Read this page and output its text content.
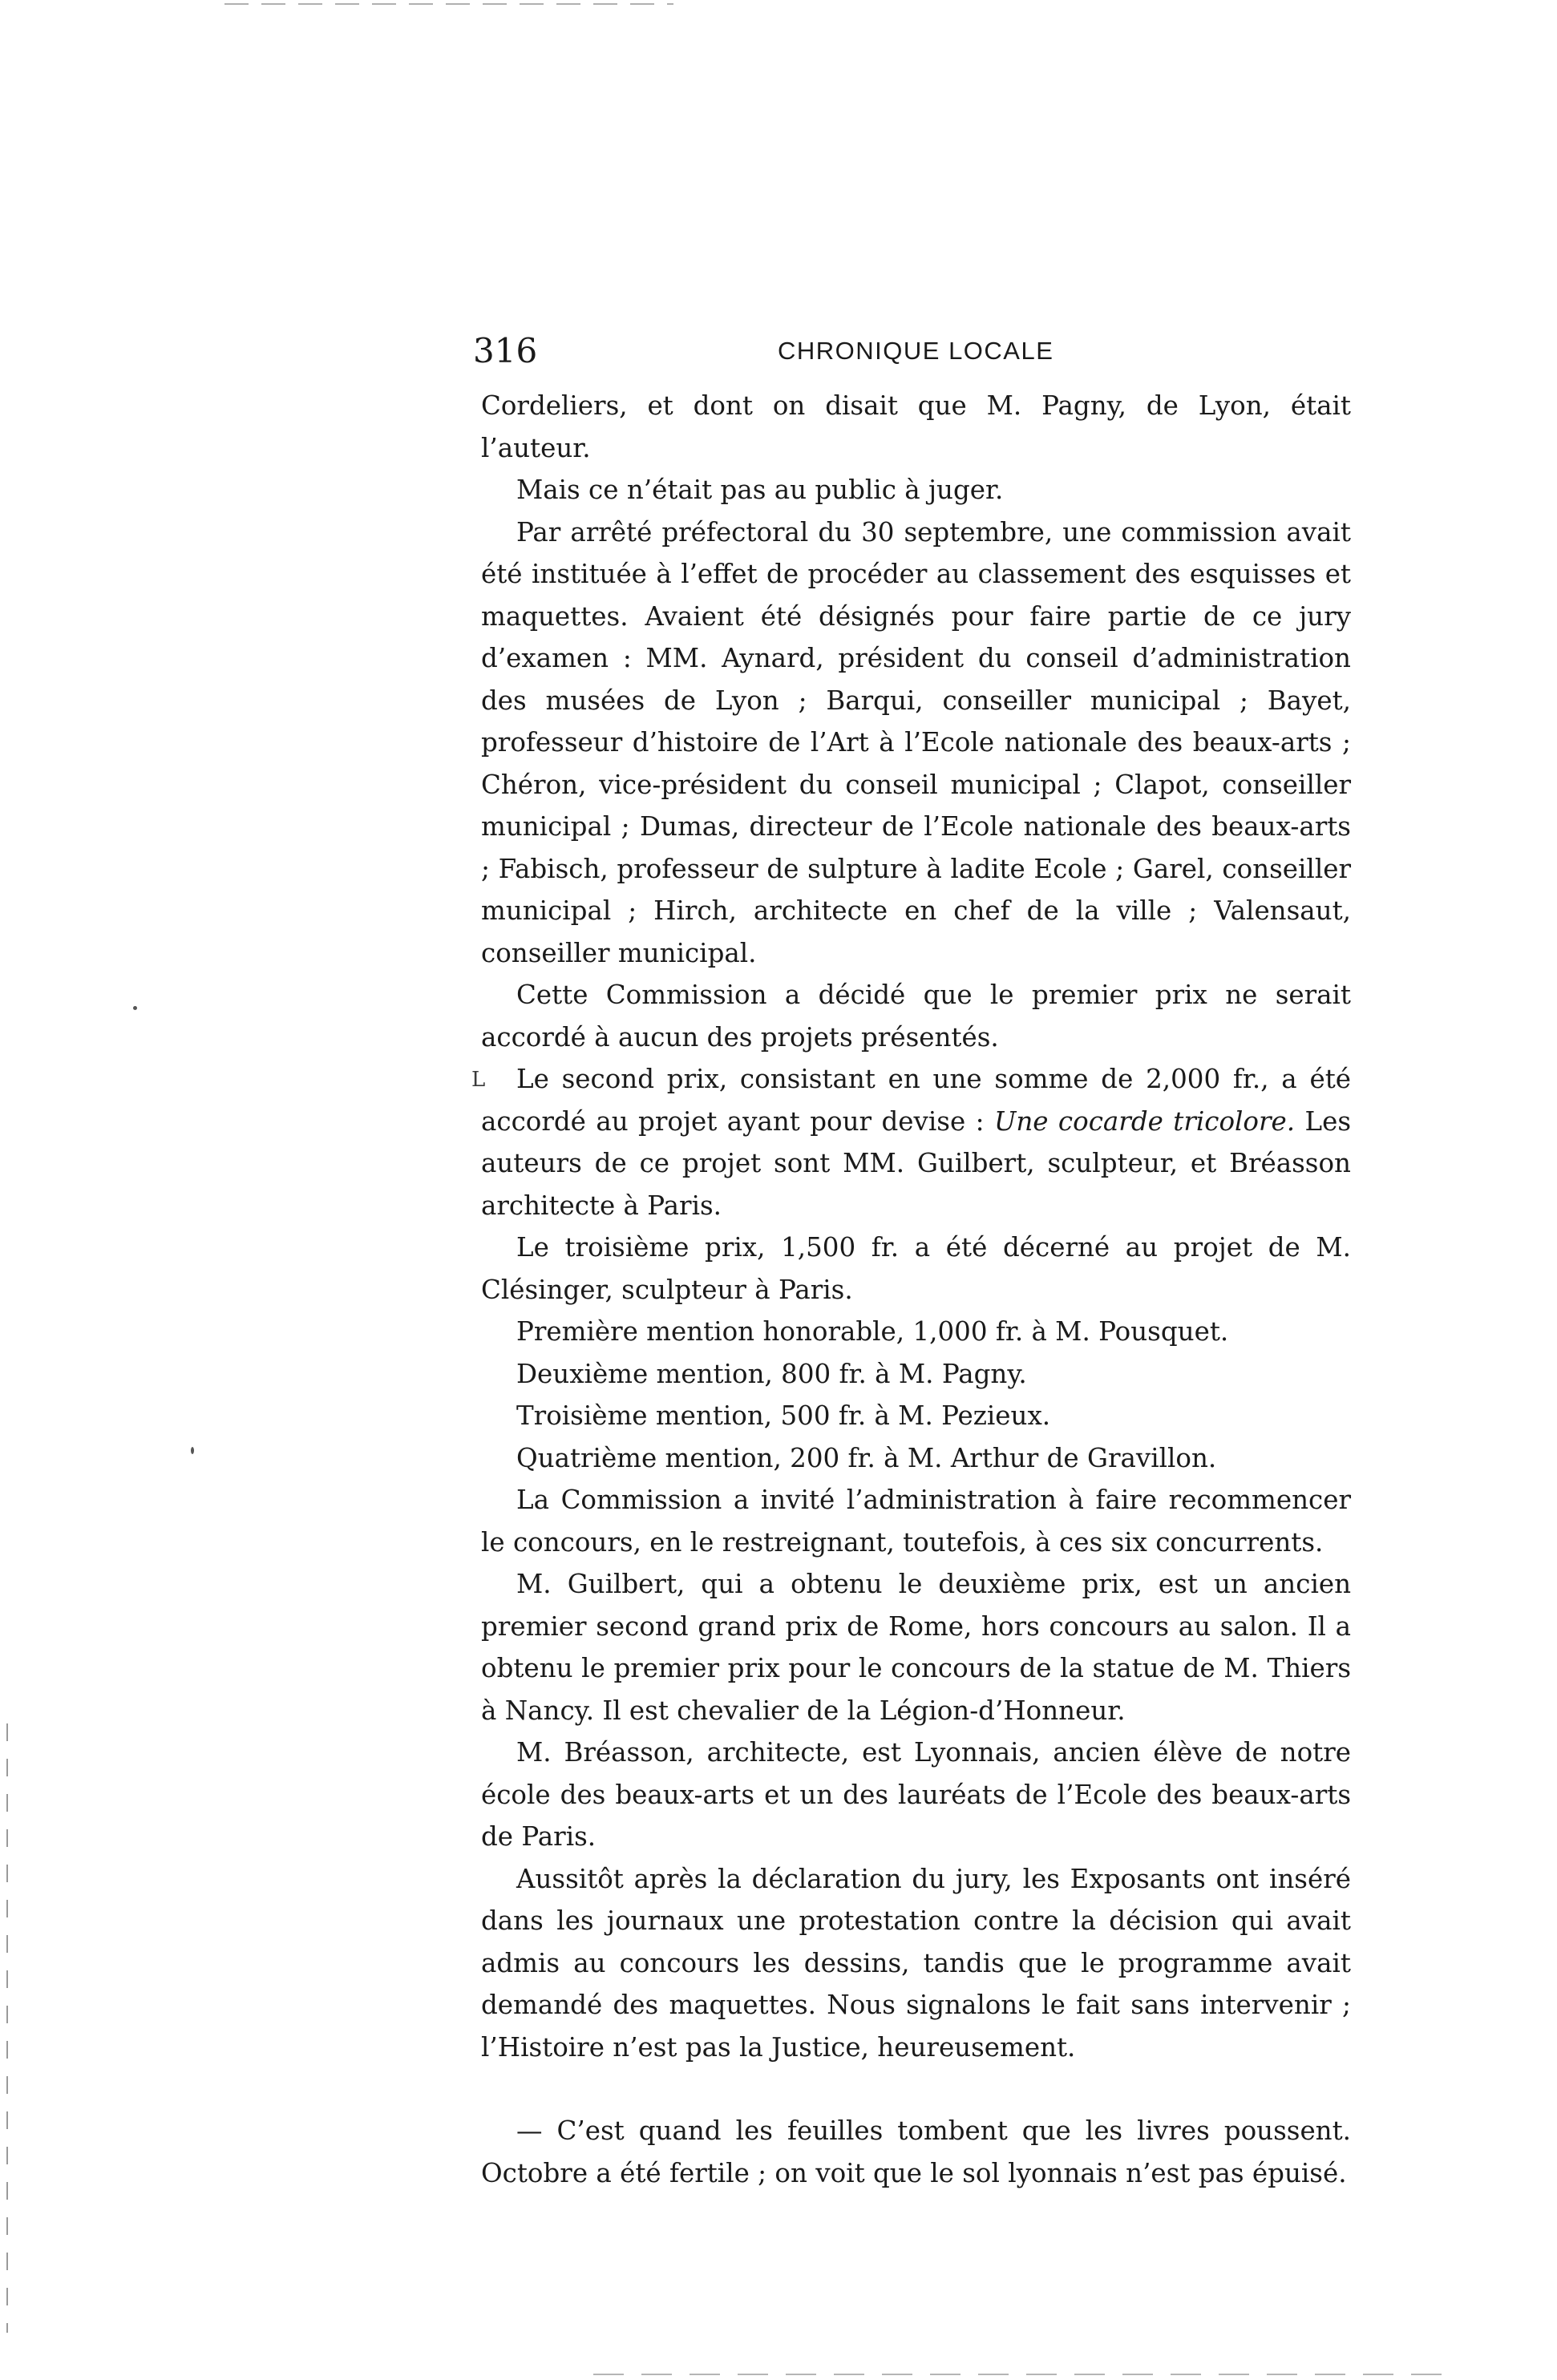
316	CHRONIQUE LOCALE
L

Cordeliers, et dont on disait que M. Pagny, de Lyon, était l’auteur.

Mais ce n’était pas au public à juger.

Par arrêté préfectoral du 30 septembre, une commission avait été instituée à l’effet de procéder au classement des esquisses et maquettes. Avaient été désignés pour faire partie de ce jury d’examen : MM. Aynard, président du conseil d’administration des musées de Lyon ; Barqui, conseiller municipal ; Bayet, professeur d’histoire de l’Art à l’Ecole nationale des beaux-arts ; Chéron, vice-président du conseil municipal ; Clapot, conseiller municipal ; Dumas, directeur de l’Ecole nationale des beaux-arts ; Fabisch, professeur de sulpture à ladite Ecole ; Garel, conseiller municipal ; Hirch, architecte en chef de la ville ; Valensaut, conseiller municipal.

Cette Commission a décidé que le premier prix ne serait accordé à aucun des projets présentés.

Le second prix, consistant en une somme de 2,000 fr., a été accordé au projet ayant pour devise : Une cocarde tricolore. Les auteurs de ce projet sont MM. Guilbert, sculpteur, et Bréasson architecte à Paris.

Le troisième prix, 1,500 fr. a été décerné au projet de M. Clésinger, sculpteur à Paris.

Première mention honorable, 1,000 fr. à M. Pousquet.

Deuxième mention, 800 fr. à M. Pagny.

Troisième mention, 500 fr. à M. Pezieux.

Quatrième mention, 200 fr. à M. Arthur de Gravillon.

La Commission a invité l’administration à faire recommencer le concours, en le restreignant, toutefois, à ces six concurrents.

M. Guilbert, qui a obtenu le deuxième prix, est un ancien premier second grand prix de Rome, hors concours au salon. Il a obtenu le premier prix pour le concours de la statue de M. Thiers à Nancy. Il est chevalier de la Légion-d’Honneur.

M. Bréasson, architecte, est Lyonnais, ancien élève de notre école des beaux-arts et un des lauréats de l’Ecole des beaux-arts de Paris.

Aussitôt après la déclaration du jury, les Exposants ont inséré dans les journaux une protestation contre la décision qui avait admis au concours les dessins, tandis que le programme avait demandé des maquettes. Nous signalons le fait sans intervenir ; l’Histoire n’est pas la Justice, heureusement.

— C’est quand les feuilles tombent que les livres poussent. Octobre a été fertile ; on voit que le sol lyonnais n’est pas épuisé.
